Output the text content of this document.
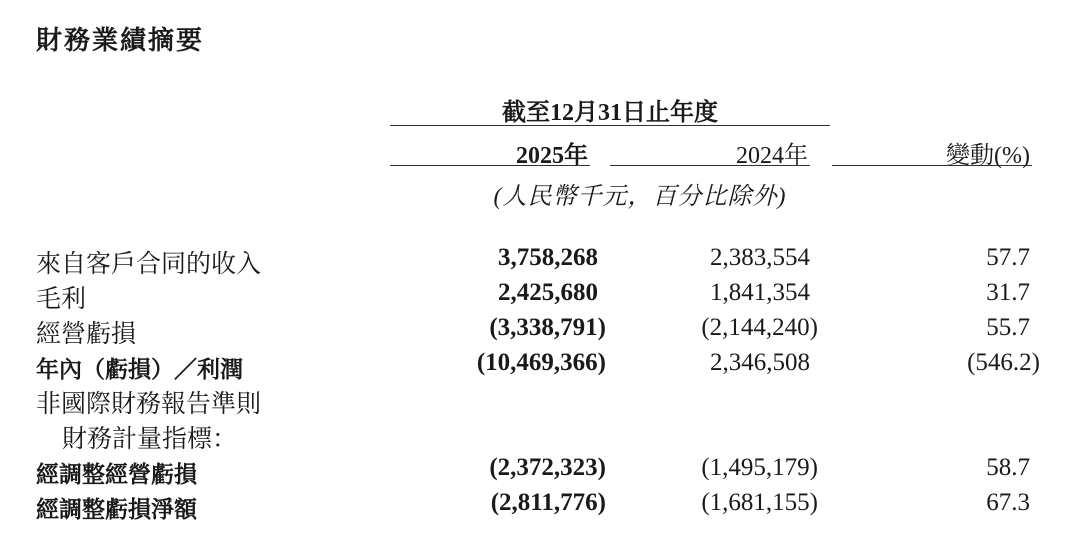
財務業績摘要
截至12月31日止年度
2025年	2024年	變動(%)
(人民幣千元，百分比除外)
來自客戶合同的收入	3,758,268	2,383,554	57.7
毛利	2,425,680	1,841,354	31.7
經營虧損	(3,338,791)	(2,144,240)	55.7
年內（虧損）／利潤	(10,469,366)	2,346,508	(546.2)
非國際財務報告準則
財務計量指標：
經調整經營虧損	(2,372,323)	(1,495,179)	58.7
經調整虧損淨額	(2,811,776)	(1,681,155)	67.3
